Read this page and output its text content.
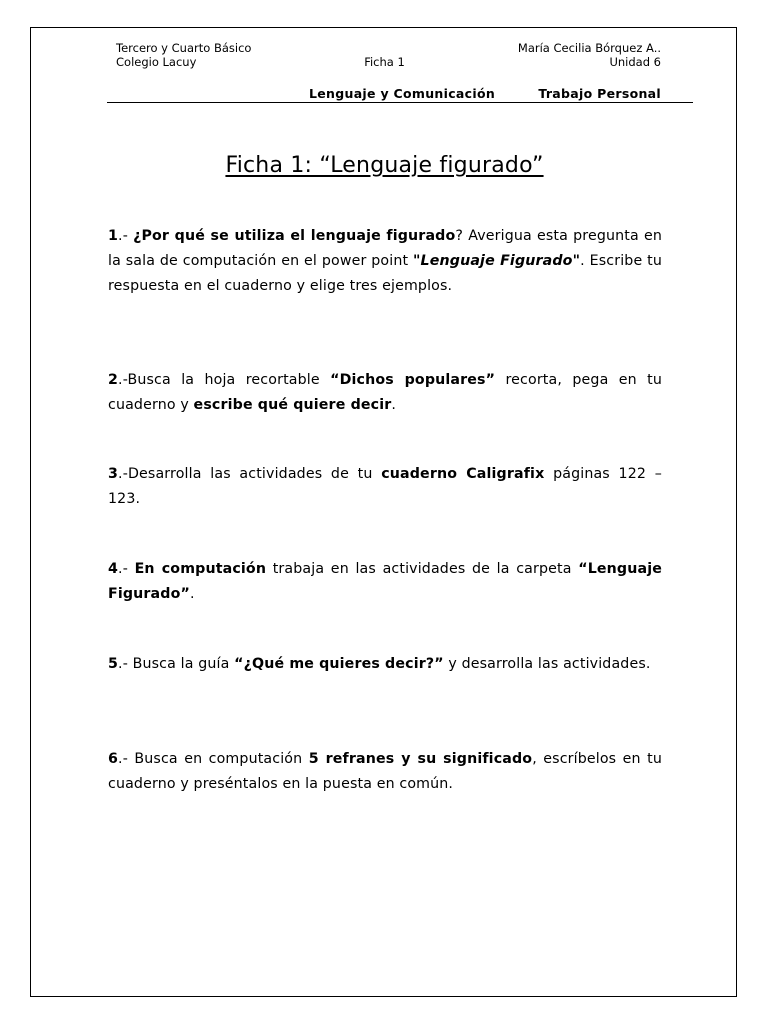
Tercero y Cuarto Básico
Colegio Lacuy	Ficha 1
María Cecilia Bórquez A..
Unidad 6
Lenguaje y Comunicación	Trabajo Personal
Ficha 1: “Lenguaje figurado”
1.- ¿Por qué se utiliza el lenguaje figurado? Averigua esta pregunta en la sala de computación en el power point "Lenguaje Figurado". Escribe tu respuesta en el cuaderno y elige tres ejemplos.
2.-Busca la hoja recortable “Dichos populares” recorta, pega en tu cuaderno y escribe qué quiere decir.
3.-Desarrolla las actividades de tu cuaderno Caligrafix páginas 122 – 123.
4.- En computación trabaja en las actividades de la carpeta “Lenguaje Figurado”.
5.- Busca la guía “¿Qué me quieres decir?” y desarrolla las actividades.
6.- Busca en computación 5 refranes y su significado, escríbelos en tu cuaderno y preséntalos en la puesta en común.
